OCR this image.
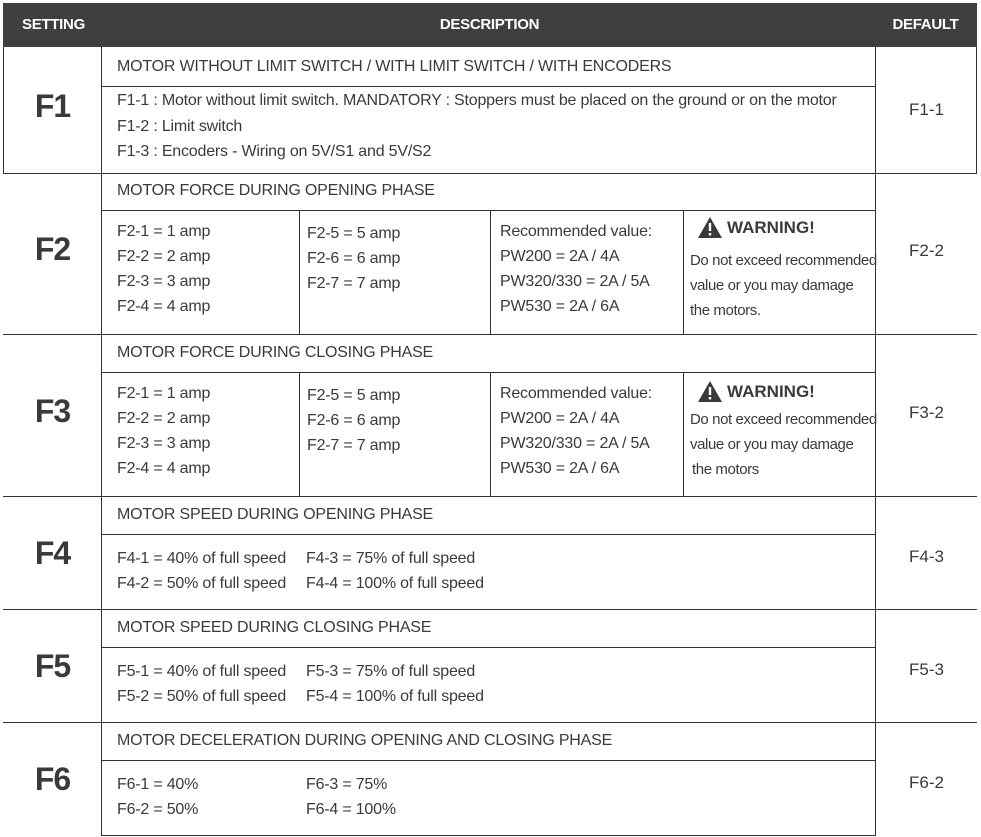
SETTING	DESCRIPTION	DEFAULT SETTING
F1
MOTOR WITHOUT LIMIT SWITCH / WITH LIMIT SWITCH / WITH ENCODERS
F1-1 : Motor without limit switch. MANDATORY : Stoppers must be placed on the ground or on the motor
F1-2 : Limit switch
F1-3 : Encoders - Wiring on 5V/S1 and 5V/S2
F1-1
F2
MOTOR FORCE DURING OPENING PHASE
F2-1 = 1 amp
F2-2 = 2 amp
F2-3 = 3 amp
F2-4 = 4 amp
F2-5 = 5 amp
F2-6 = 6 amp
F2-7 = 7 amp
Recommended value:
PW200 = 2A / 4A
PW320/330 = 2A / 5A
PW530 = 2A / 6A
WARNING!
Do not exceed recommended
value or you may damage
the motors.
F2-2
F3
MOTOR FORCE DURING CLOSING PHASE
F2-1 = 1 amp
F2-2 = 2 amp
F2-3 = 3 amp
F2-4 = 4 amp
F2-5 = 5 amp
F2-6 = 6 amp
F2-7 = 7 amp
Recommended value:
PW200 = 2A / 4A
PW320/330 = 2A / 5A
PW530 = 2A / 6A
WARNING!
Do not exceed recommended
value or you may damage
the motors
F3-2
F4
MOTOR SPEED DURING OPENING PHASE
F4-1 = 40% of full speed
F4-2 = 50% of full speed
F4-3 = 75% of full speed
F4-4 = 100% of full speed
F4-3
F5
MOTOR SPEED DURING CLOSING PHASE
F5-1 = 40% of full speed
F5-2 = 50% of full speed
F5-3 = 75% of full speed
F5-4 = 100% of full speed
F5-3
F6
MOTOR DECELERATION DURING OPENING AND CLOSING PHASE
F6-1 = 40%
F6-2 = 50%
F6-3 = 75%
F6-4 = 100%
F6-2
